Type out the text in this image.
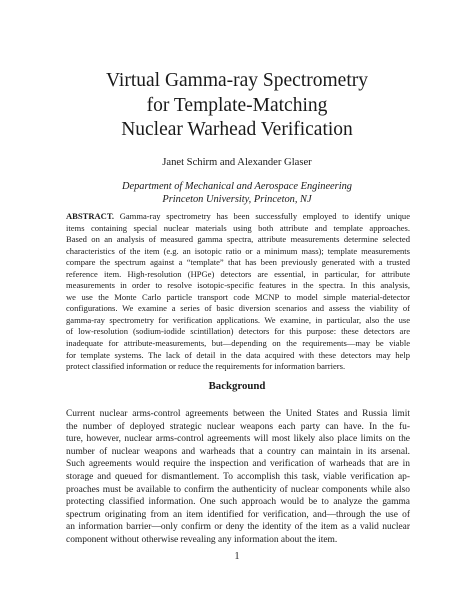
Virtual Gamma-ray Spectrometry
for Template-Matching
Nuclear Warhead Verification
Janet Schirm and Alexander Glaser
Department of Mechanical and Aerospace Engineering
Princeton University, Princeton, NJ
ABSTRACT. Gamma-ray spectrometry has been successfully employed to identify unique
items containing special nuclear materials using both attribute and template approaches.
Based on an analysis of measured gamma spectra, attribute measurements determine selected
characteristics of the item (e.g. an isotopic ratio or a minimum mass); template measurements
compare the spectrum against a “template” that has been previously generated with a trusted
reference item. High-resolution (HPGe) detectors are essential, in particular, for attribute
measurements in order to resolve isotopic-specific features in the spectra. In this analysis,
we use the Monte Carlo particle transport code MCNP to model simple material-detector
configurations. We examine a series of basic diversion scenarios and assess the viability of
gamma-ray spectrometry for verification applications. We examine, in particular, also the use
of low-resolution (sodium-iodide scintillation) detectors for this purpose: these detectors are
inadequate for attribute-measurements, but—depending on the requirements—may be viable
for template systems. The lack of detail in the data acquired with these detectors may help
protect classified information or reduce the requirements for information barriers.
Background
Current nuclear arms-control agreements between the United States and Russia limit
the number of deployed strategic nuclear weapons each party can have. In the fu-
ture, however, nuclear arms-control agreements will most likely also place limits on the
number of nuclear weapons and warheads that a country can maintain in its arsenal.
Such agreements would require the inspection and verification of warheads that are in
storage and queued for dismantlement. To accomplish this task, viable verification ap-
proaches must be available to confirm the authenticity of nuclear components while also
protecting classified information. One such approach would be to analyze the gamma
spectrum originating from an item identified for verification, and—through the use of
an information barrier—only confirm or deny the identity of the item as a valid nuclear
component without otherwise revealing any information about the item.
1
